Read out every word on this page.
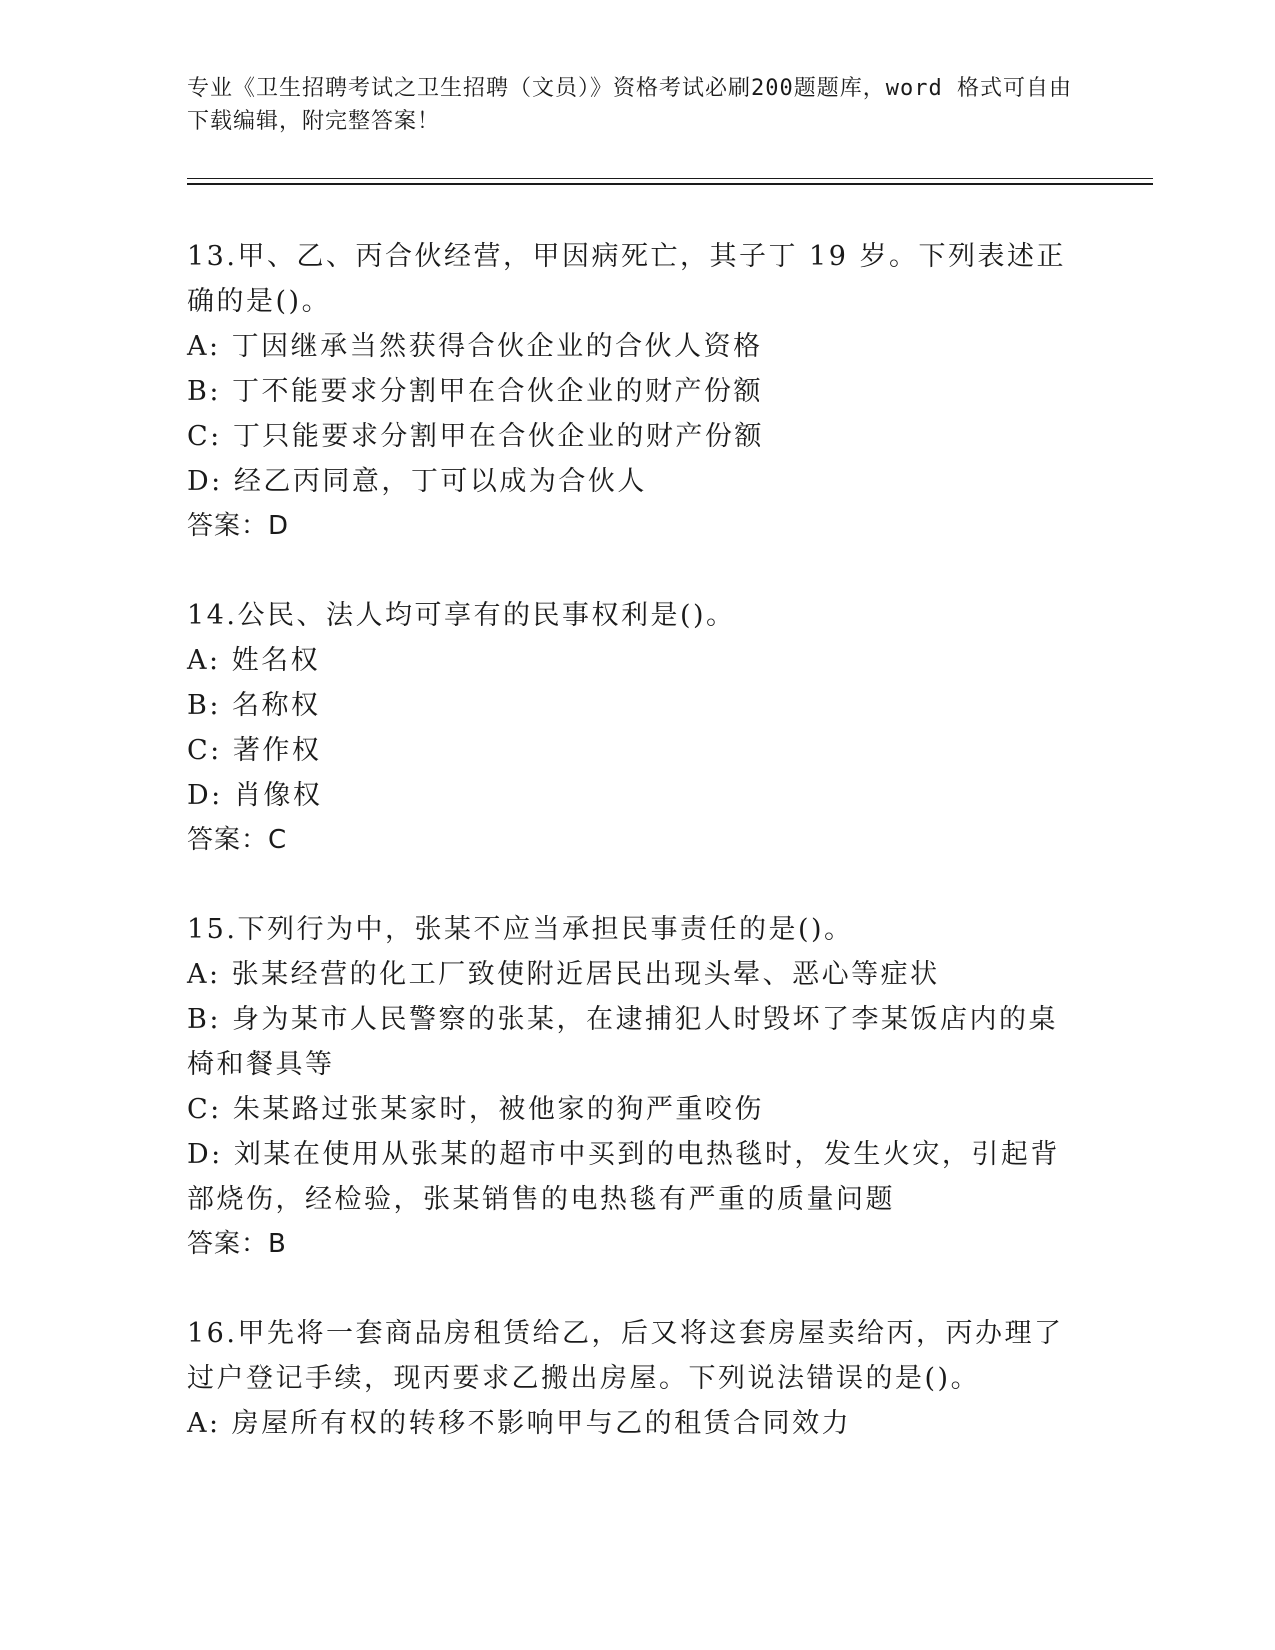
专业《卫生招聘考试之卫生招聘（文员）》资格考试必刷200题题库，word 格式可自由下载编辑，附完整答案！
13.甲、乙、丙合伙经营，甲因病死亡，其子丁 19 岁。下列表述正确的是()。
A: 丁因继承当然获得合伙企业的合伙人资格
B: 丁不能要求分割甲在合伙企业的财产份额
C: 丁只能要求分割甲在合伙企业的财产份额
D: 经乙丙同意，丁可以成为合伙人
答案：D
14.公民、法人均可享有的民事权利是()。
A: 姓名权
B: 名称权
C: 著作权
D: 肖像权
答案：C
15.下列行为中，张某不应当承担民事责任的是()。
A: 张某经营的化工厂致使附近居民出现头晕、恶心等症状
B: 身为某市人民警察的张某，在逮捕犯人时毁坏了李某饭店内的桌椅和餐具等
C: 朱某路过张某家时，被他家的狗严重咬伤
D: 刘某在使用从张某的超市中买到的电热毯时，发生火灾，引起背部烧伤，经检验，张某销售的电热毯有严重的质量问题
答案：B
16.甲先将一套商品房租赁给乙，后又将这套房屋卖给丙，丙办理了过户登记手续，现丙要求乙搬出房屋。下列说法错误的是()。
A: 房屋所有权的转移不影响甲与乙的租赁合同效力
